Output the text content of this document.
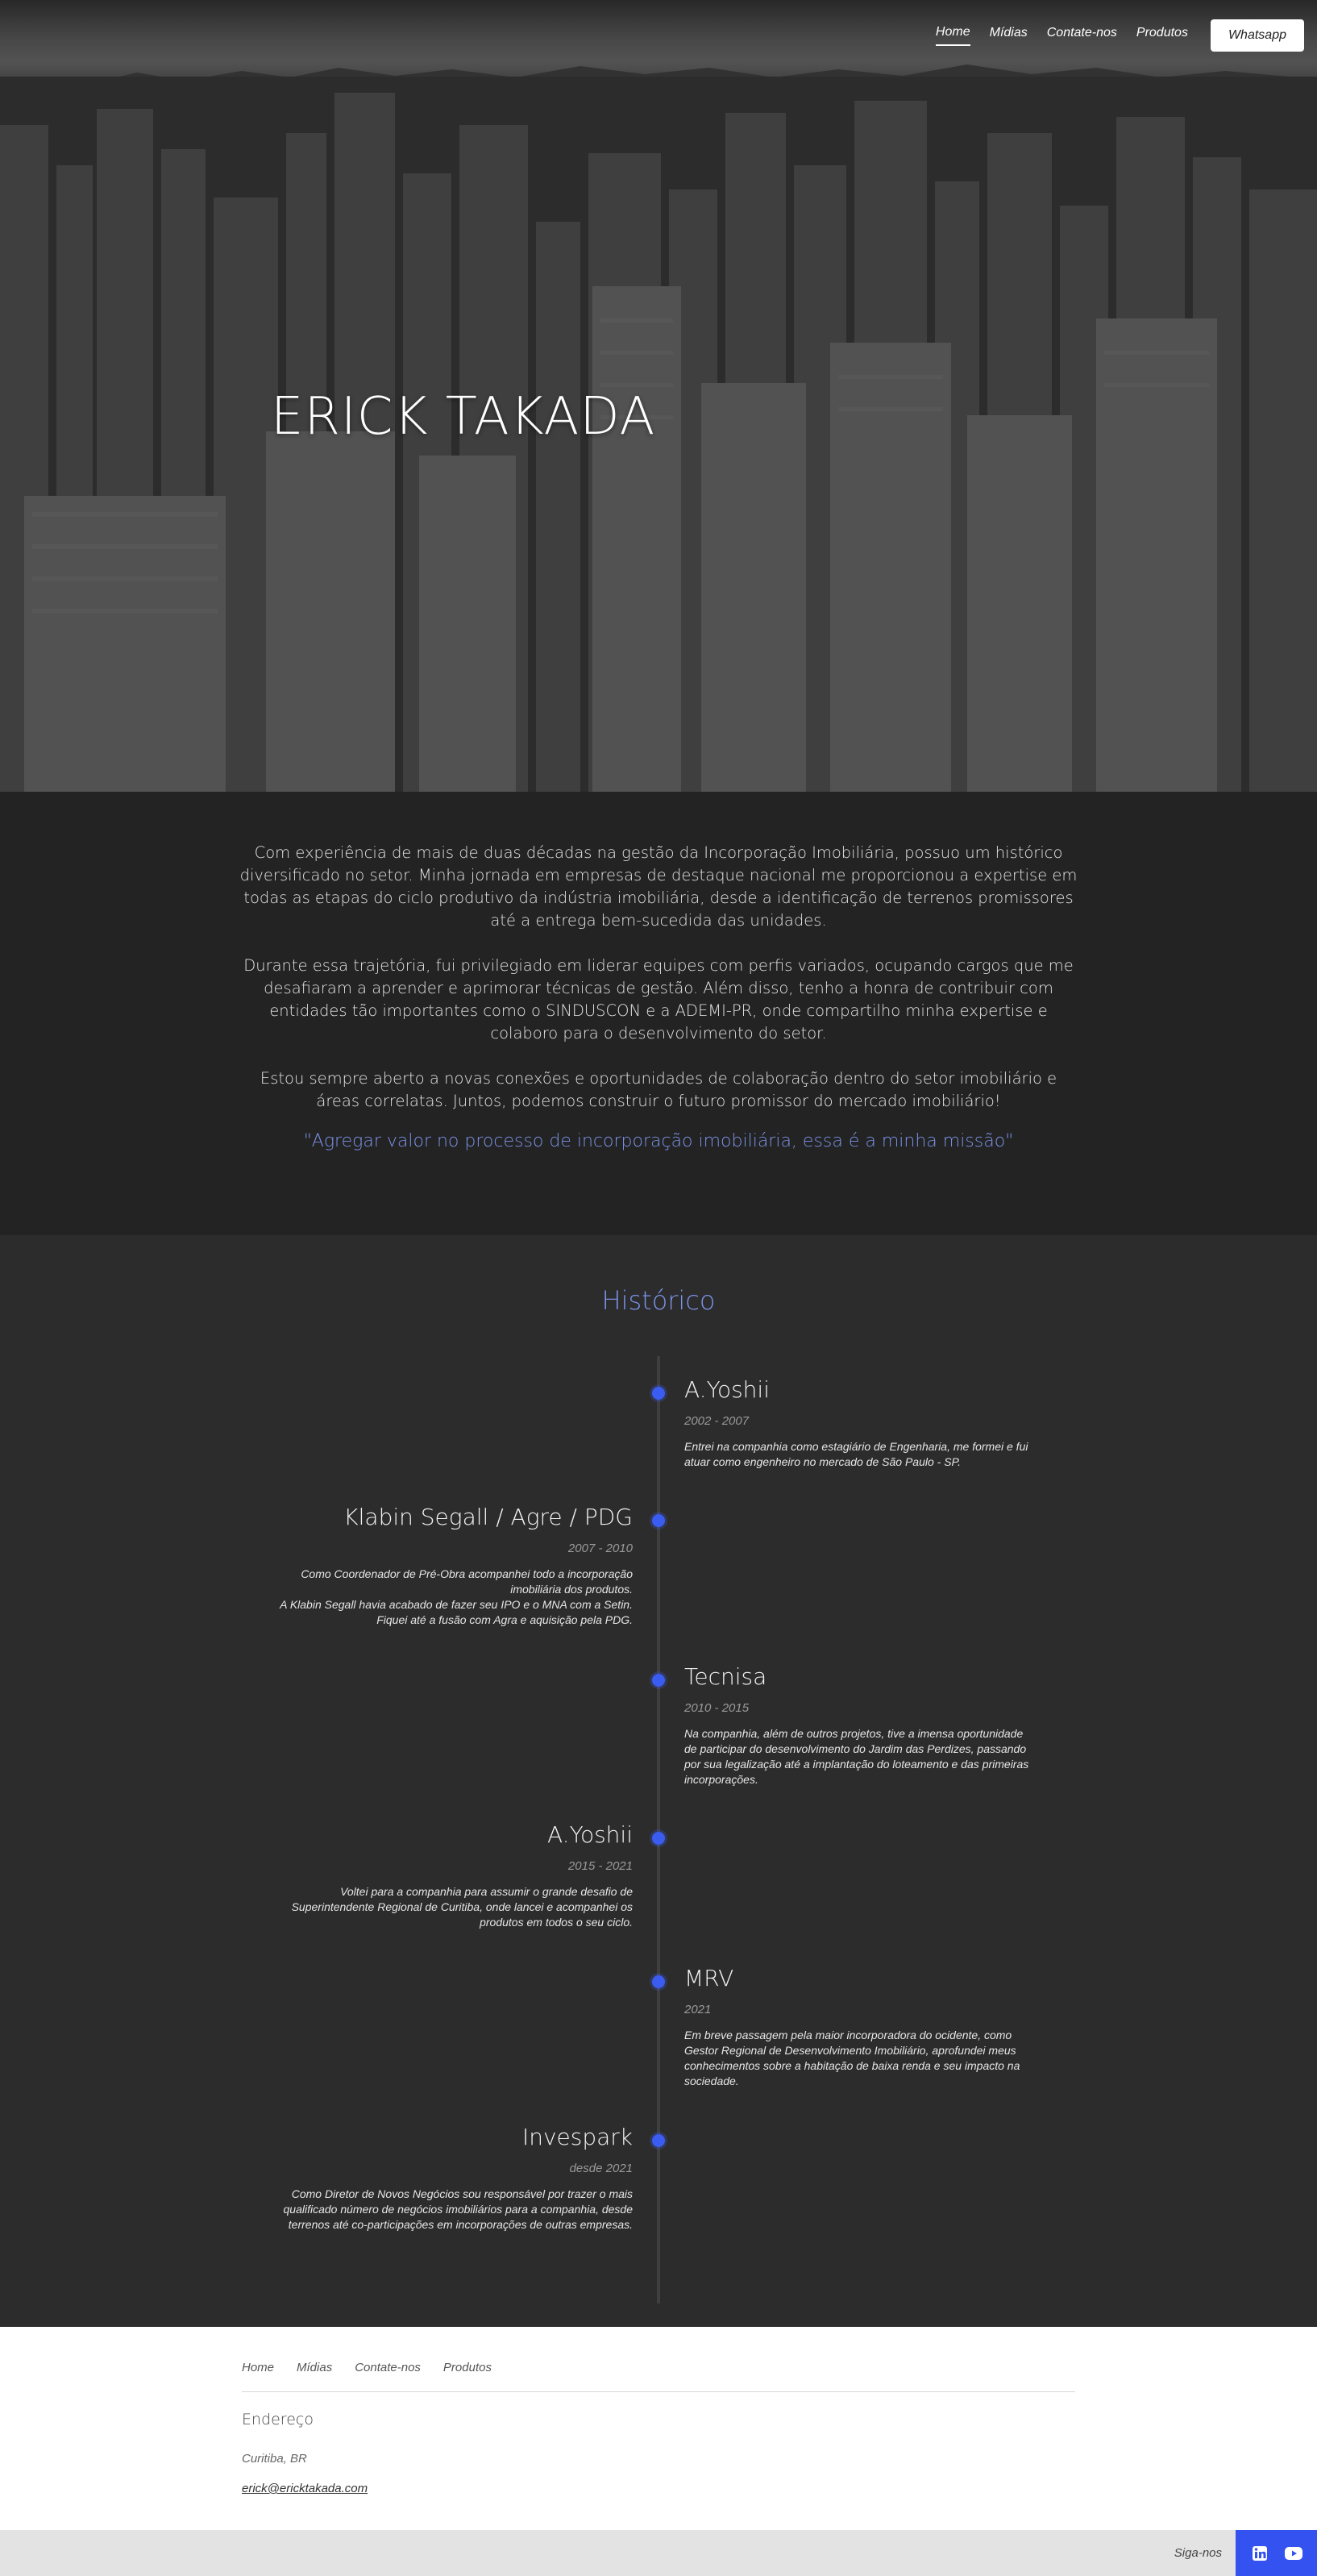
Home Mídias Contate-nos Produtos	Whatsapp
ERICK TAKADA

Com experiência de mais de duas décadas na gestão da Incorporação Imobiliária, possuo um histórico diversificado no setor. Minha jornada em empresas de destaque nacional me proporcionou a expertise em todas as etapas do ciclo produtivo da indústria imobiliária, desde a identificação de terrenos promissores até a entrega bem-sucedida das unidades.

Durante essa trajetória, fui privilegiado em liderar equipes com perfis variados, ocupando cargos que me desafiaram a aprender e aprimorar técnicas de gestão. Além disso, tenho a honra de contribuir com entidades tão importantes como o SINDUSCON e a ADEMI-PR, onde compartilho minha expertise e colaboro para o desenvolvimento do setor.

Estou sempre aberto a novas conexões e oportunidades de colaboração dentro do setor imobiliário e áreas correlatas. Juntos, podemos construir o futuro promissor do mercado imobiliário!

"Agregar valor no processo de incorporação imobiliária, essa é a minha missão"

Histórico
A.Yoshii
2002 - 2007
Entrei na companhia como estagiário de Engenharia, me formei e fui
atuar como engenheiro no mercado de São Paulo - SP.
Klabin Segall / Agre / PDG
2007 - 2010
Como Coordenador de Pré-Obra acompanhei todo a incorporação
imobiliária dos produtos.
A Klabin Segall havia acabado de fazer seu IPO e o MNA com a Setin.
Fiquei até a fusão com Agra e aquisição pela PDG.
Tecnisa
2010 - 2015
Na companhia, além de outros projetos, tive a imensa oportunidade
de participar do desenvolvimento do Jardim das Perdizes, passando
por sua legalização até a implantação do loteamento e das primeiras
incorporações.
A.Yoshii
2015 - 2021
Voltei para a companhia para assumir o grande desafio de
Superintendente Regional de Curitiba, onde lancei e acompanhei os
produtos em todos o seu ciclo.
MRV
2021
Em breve passagem pela maior incorporadora do ocidente, como
Gestor Regional de Desenvolvimento Imobiliário, aprofundei meus
conhecimentos sobre a habitação de baixa renda e seu impacto na
sociedade.
Invespark
desde 2021
Como Diretor de Novos Negócios sou responsável por trazer o mais
qualificado número de negócios imobiliários para a companhia, desde
terrenos até co-participações em incorporações de outras empresas.
Home Mídias Contate-nos Produtos
Endereço
Curitiba, BR
erick@ericktakada.com
Siga-nos
